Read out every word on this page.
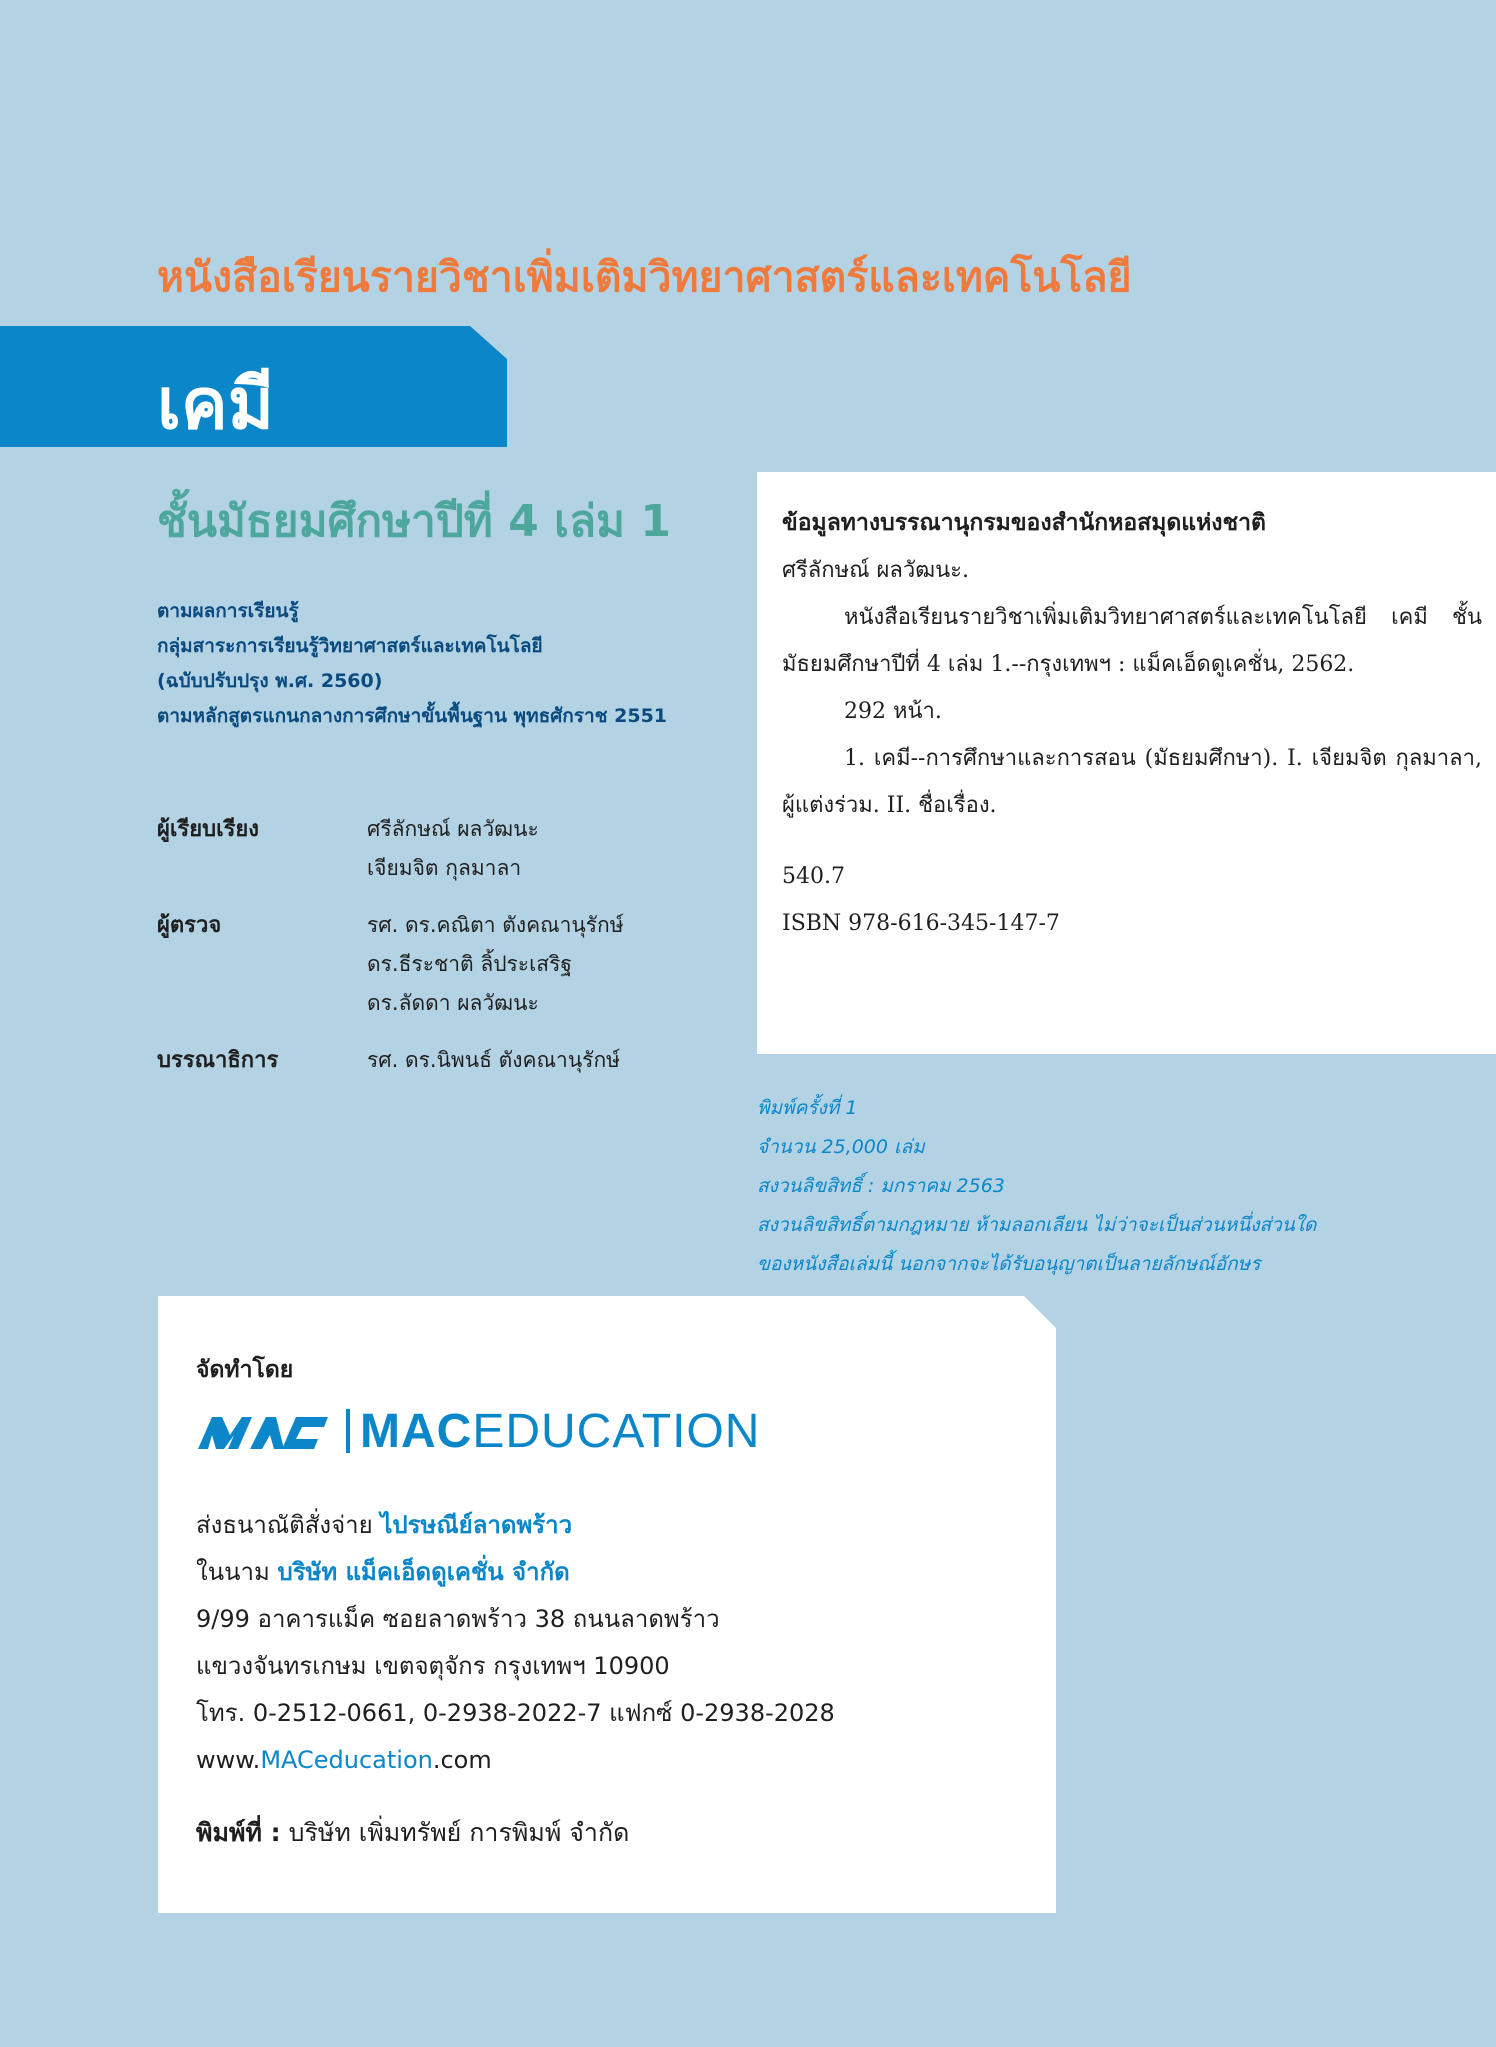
หนังสือเรียนรายวิชาเพิ่มเติมวิทยาศาสตร์และเทคโนโลยี
เคมี
ชั้นมัธยมศึกษาปีที่ 4 เล่ม 1
ตามผลการเรียนรู้
กลุ่มสาระการเรียนรู้วิทยาศาสตร์และเทคโนโลยี
(ฉบับปรับปรุง พ.ศ. 2560)
ตามหลักสูตรแกนกลางการศึกษาขั้นพื้นฐาน พุทธศักราช 2551
ผู้เรียบเรียง	ศรีลักษณ์ ผลวัฒนะ
เจียมจิต กุลมาลา
ผู้ตรวจ	รศ. ดร.คณิตา ตังคณานุรักษ์
ดร.ธีระชาติ ลิ้ประเสริฐ
ดร.ลัดดา ผลวัฒนะ
บรรณาธิการ	รศ. ดร.นิพนธ์ ตังคณานุรักษ์
ข้อมูลทางบรรณานุกรมของสำนักหอสมุดแห่งชาติ
ศรีลักษณ์ ผลวัฒนะ.
หนังสือเรียนรายวิชาเพิ่มเติมวิทยาศาสตร์และเทคโนโลยี เคมี ชั้นมัธยมศึกษาปีที่ 4 เล่ม 1.--กรุงเทพฯ : แม็คเอ็ดดูเคชั่น, 2562.
292 หน้า.
1. เคมี--การศึกษาและการสอน (มัธยมศึกษา). I. เจียมจิต กุลมาลา, ผู้แต่งร่วม. II. ชื่อเรื่อง.
540.7
ISBN 978-616-345-147-7
พิมพ์ครั้งที่ 1
จำนวน 25,000 เล่ม
สงวนลิขสิทธิ์ : มกราคม 2563
สงวนลิขสิทธิ์ตามกฎหมาย ห้ามลอกเลียน ไม่ว่าจะเป็นส่วนหนึ่งส่วนใด
ของหนังสือเล่มนี้ นอกจากจะได้รับอนุญาตเป็นลายลักษณ์อักษร
จัดทำโดย
MAC EDUCATION
ส่งธนาณัติสั่งจ่าย ไปรษณีย์ลาดพร้าว
ในนาม บริษัท แม็คเอ็ดดูเคชั่น จำกัด
9/99 อาคารแม็ค ซอยลาดพร้าว 38 ถนนลาดพร้าว
แขวงจันทรเกษม เขตจตุจักร กรุงเทพฯ 10900
โทร. 0-2512-0661, 0-2938-2022-7 แฟกซ์ 0-2938-2028
www.MACeducation.com
พิมพ์ที่ : บริษัท เพิ่มทรัพย์ การพิมพ์ จำกัด
